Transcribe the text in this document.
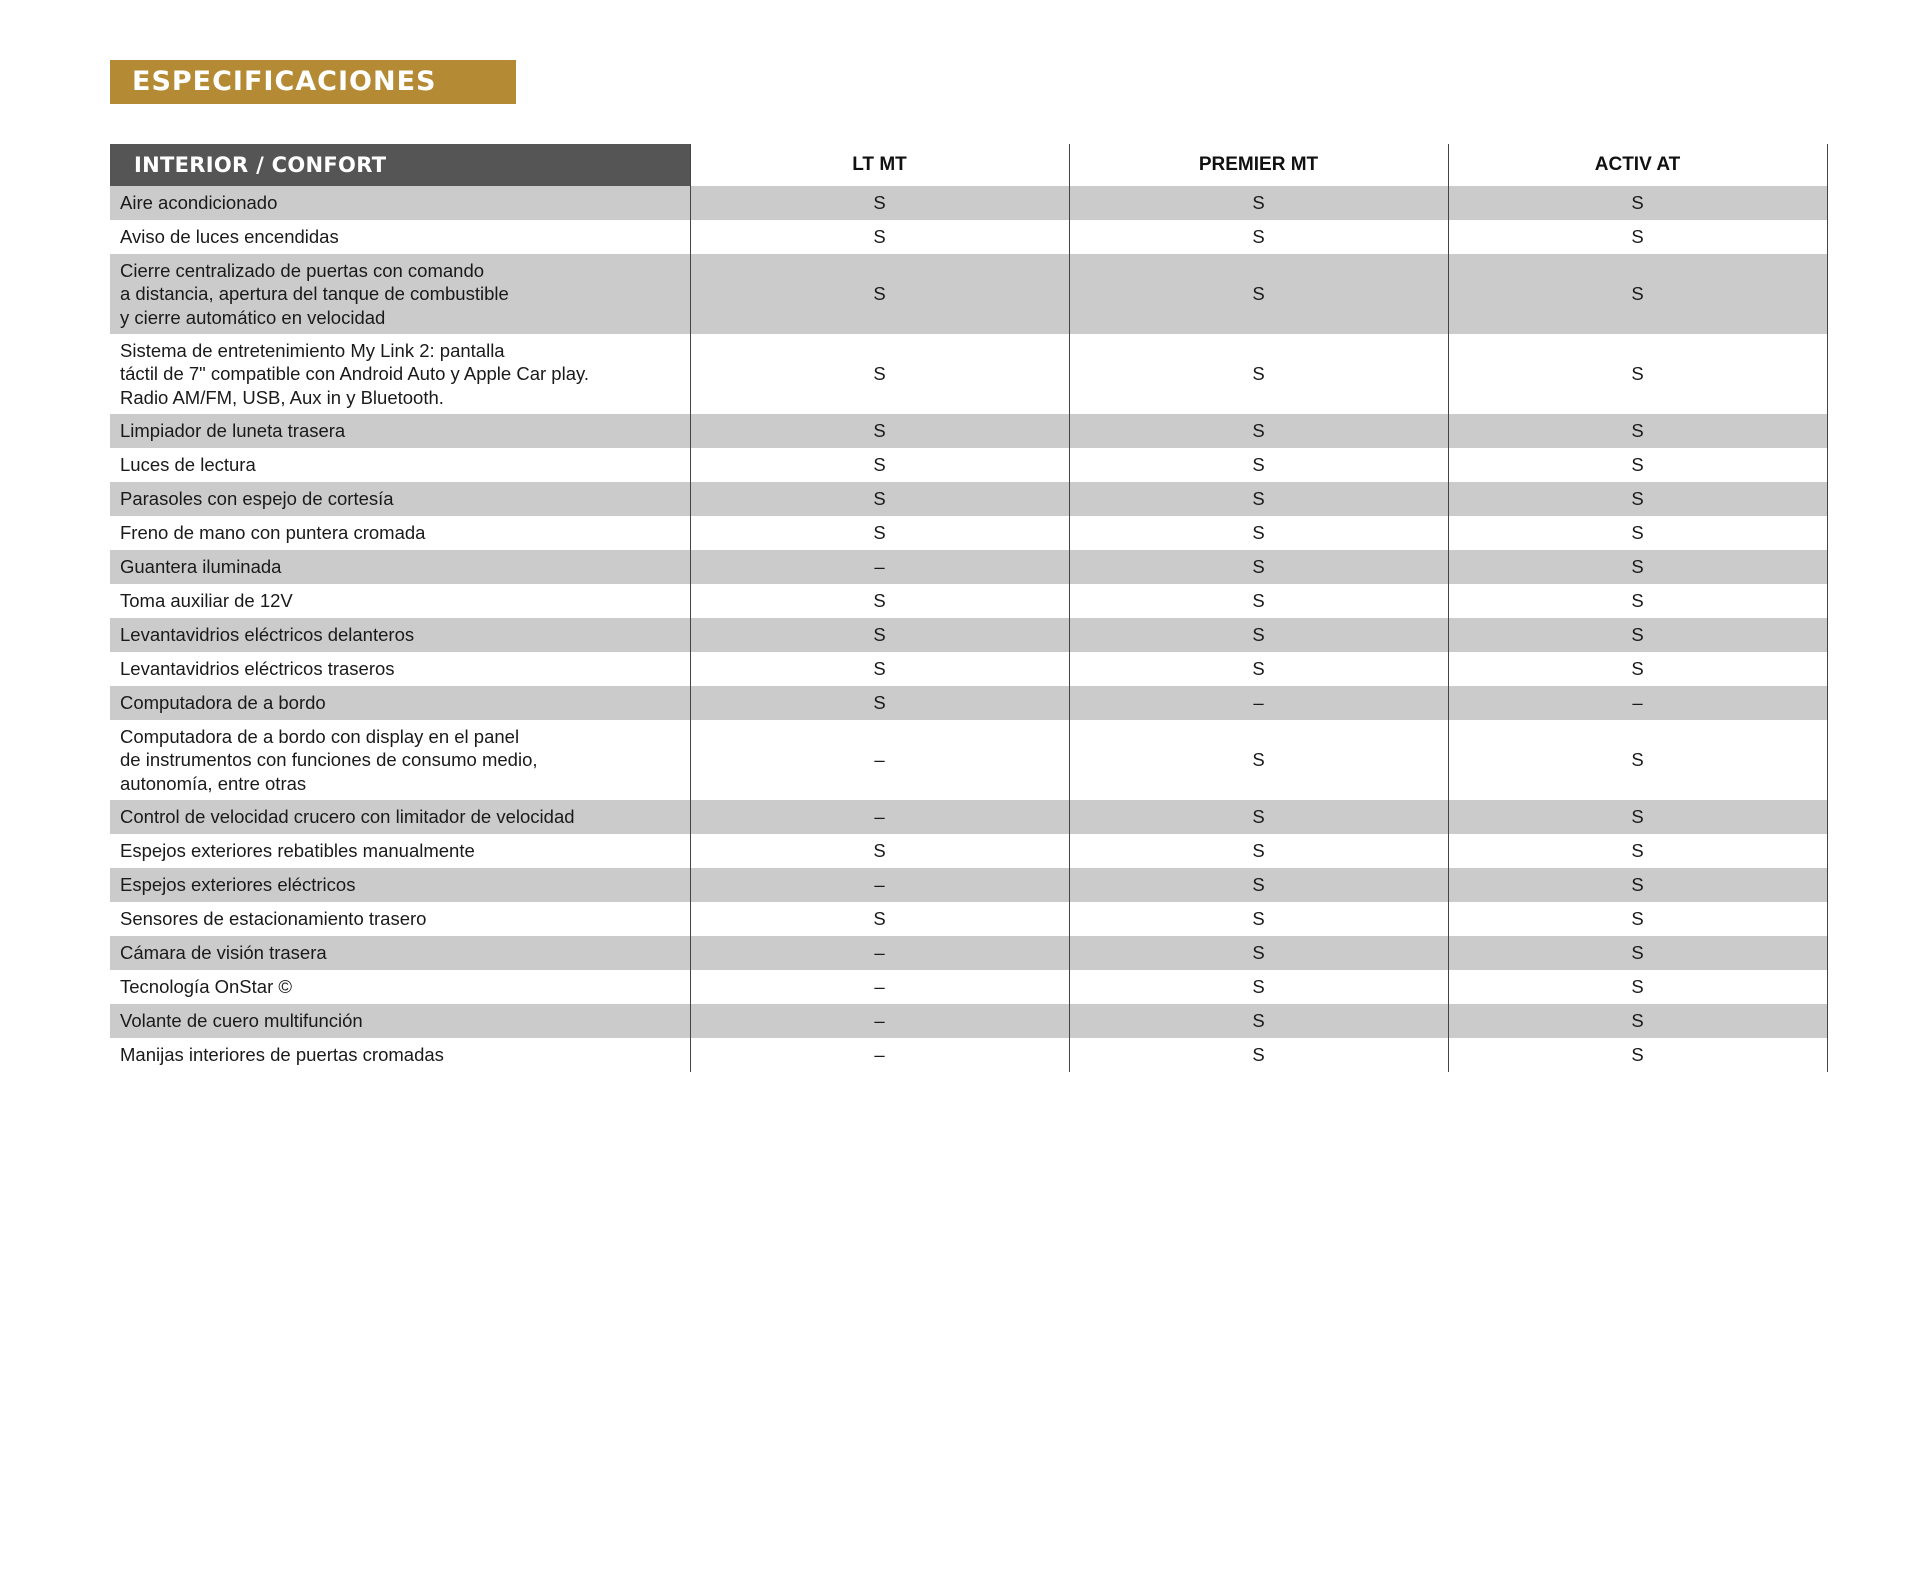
ESPECIFICACIONES
INTERIOR / CONFORT	LT MT	PREMIER MT	ACTIV AT
Aire acondicionado	S	S	S
Aviso de luces encendidas	S	S	S
Cierre centralizado de puertas con comando
a distancia, apertura del tanque de combustible
y cierre automático en velocidad	S	S	S
Sistema de entretenimiento My Link 2: pantalla
táctil de 7" compatible con Android Auto y Apple Car play.
Radio AM/FM, USB, Aux in y Bluetooth.	S	S	S
Limpiador de luneta trasera	S	S	S
Luces de lectura	S	S	S
Parasoles con espejo de cortesía	S	S	S
Freno de mano con puntera cromada	S	S	S
Guantera iluminada	–	S	S
Toma auxiliar de 12V	S	S	S
Levantavidrios eléctricos delanteros	S	S	S
Levantavidrios eléctricos traseros	S	S	S
Computadora de a bordo	S	–	–
Computadora de a bordo con display en el panel
de instrumentos con funciones de consumo medio,
autonomía, entre otras	–	S	S
Control de velocidad crucero con limitador de velocidad	–	S	S
Espejos exteriores rebatibles manualmente	S	S	S
Espejos exteriores eléctricos	–	S	S
Sensores de estacionamiento trasero	S	S	S
Cámara de visión trasera	–	S	S
Tecnología OnStar ©	–	S	S
Volante de cuero multifunción	–	S	S
Manijas interiores de puertas cromadas	–	S	S
